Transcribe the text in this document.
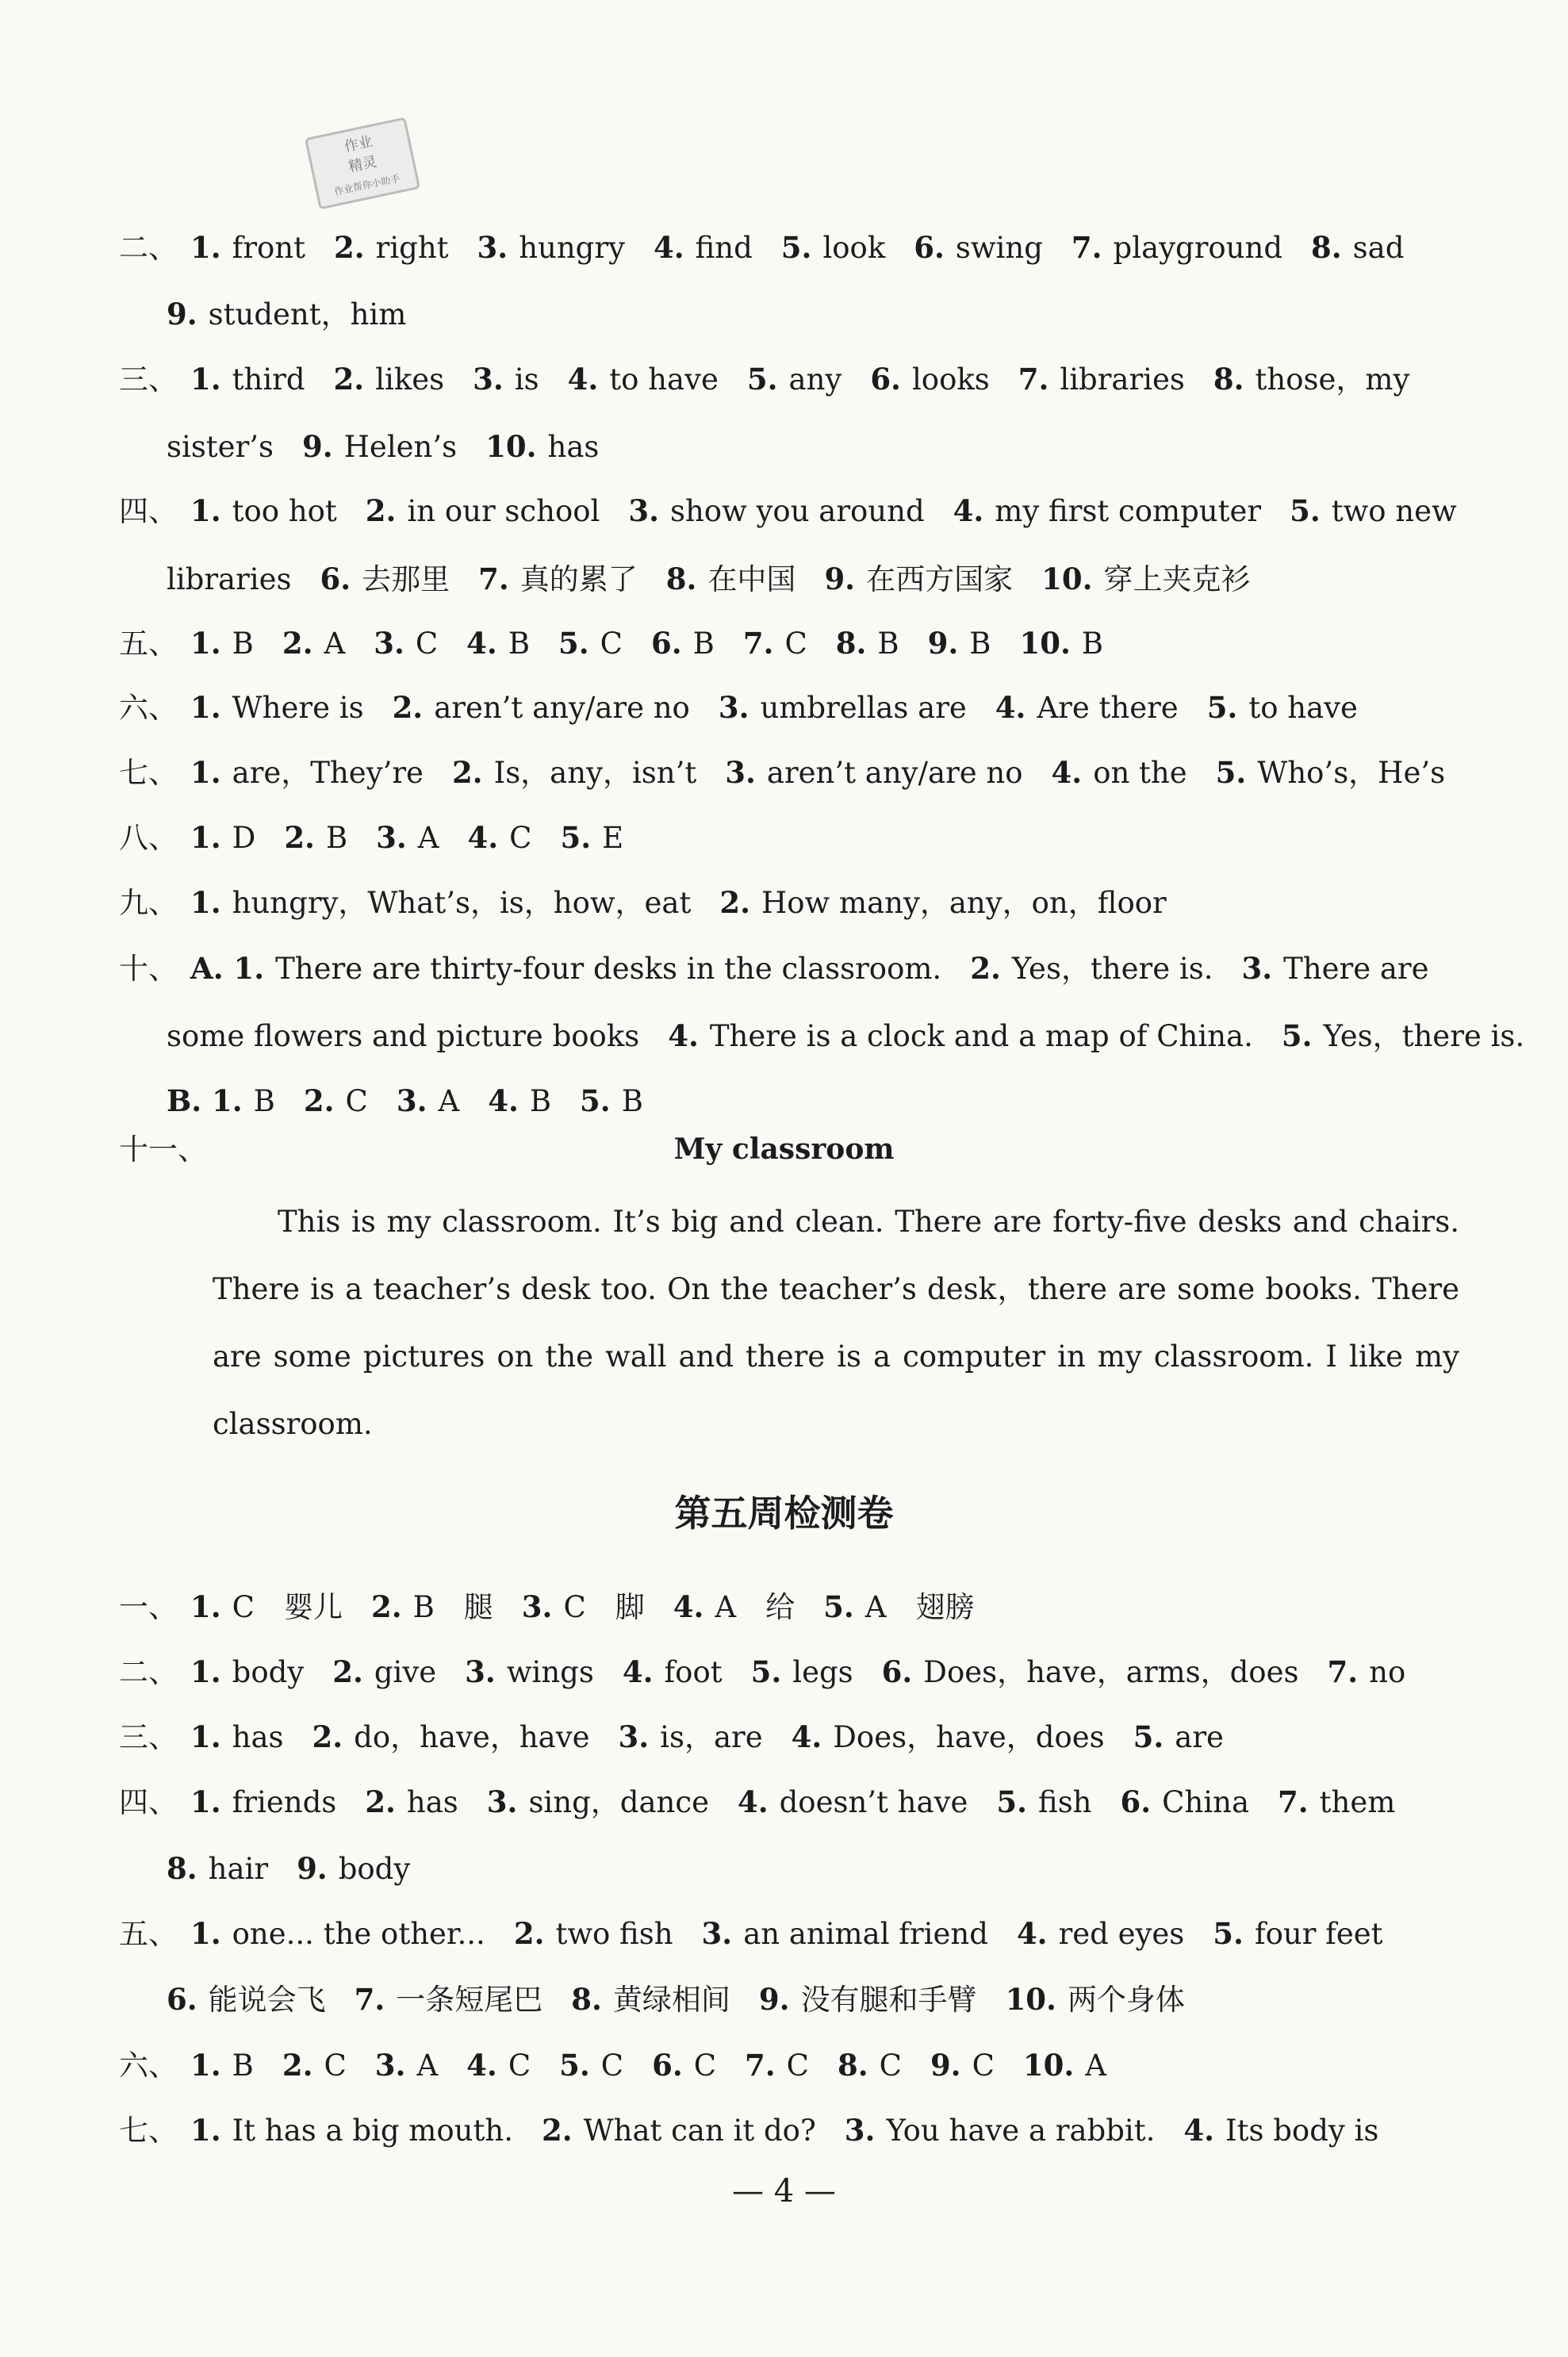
作业
精灵
作业帮你小助手
二、 1. front 2. right 3. hungry 4. find 5. look 6. swing 7. playground 8. sad
9. student，him
三、 1. third 2. likes 3. is 4. to have 5. any 6. looks 7. libraries 8. those，my
sister’s 9. Helen’s 10. has
四、 1. too hot 2. in our school 3. show you around 4. my first computer 5. two new
libraries 6. 去那里 7. 真的累了 8. 在中国 9. 在西方国家 10. 穿上夹克衫
五、 1. B 2. A 3. C 4. B 5. C 6. B 7. C 8. B 9. B 10. B
六、 1. Where is 2. aren’t any/are no 3. umbrellas are 4. Are there 5. to have
七、 1. are，They’re 2. Is，any，isn’t 3. aren’t any/are no 4. on the 5. Who’s，He’s
八、 1. D 2. B 3. A 4. C 5. E
九、 1. hungry，What’s，is，how，eat 2. How many，any，on，floor
十、 A. 1. There are thirty-four desks in the classroom. 2. Yes，there is. 3. There are
some flowers and picture books 4. There is a clock and a map of China. 5. Yes，there is.
B. 1. B 2. C 3. A 4. B 5. B
十一、	My classroom
This is my classroom. It’s big and clean. There are forty-five desks and chairs. There is a teacher’s desk too. On the teacher’s desk，there are some books. There are some pictures on the wall and there is a computer in my classroom. I like my classroom.
第五周检测卷
一、 1. C　婴儿 2. B　腿 3. C　脚 4. A　给 5. A　翅膀
二、 1. body 2. give 3. wings 4. foot 5. legs 6. Does，have，arms，does 7. no
三、 1. has 2. do，have，have 3. is，are 4. Does，have，does 5. are
四、 1. friends 2. has 3. sing，dance 4. doesn’t have 5. fish 6. China 7. them
8. hair 9. body
五、 1. one... the other... 2. two fish 3. an animal friend 4. red eyes 5. four feet
6. 能说会飞 7. 一条短尾巴 8. 黄绿相间 9. 没有腿和手臂 10. 两个身体
六、 1. B 2. C 3. A 4. C 5. C 6. C 7. C 8. C 9. C 10. A
七、 1. It has a big mouth. 2. What can it do? 3. You have a rabbit. 4. Its body is
— 4 —
